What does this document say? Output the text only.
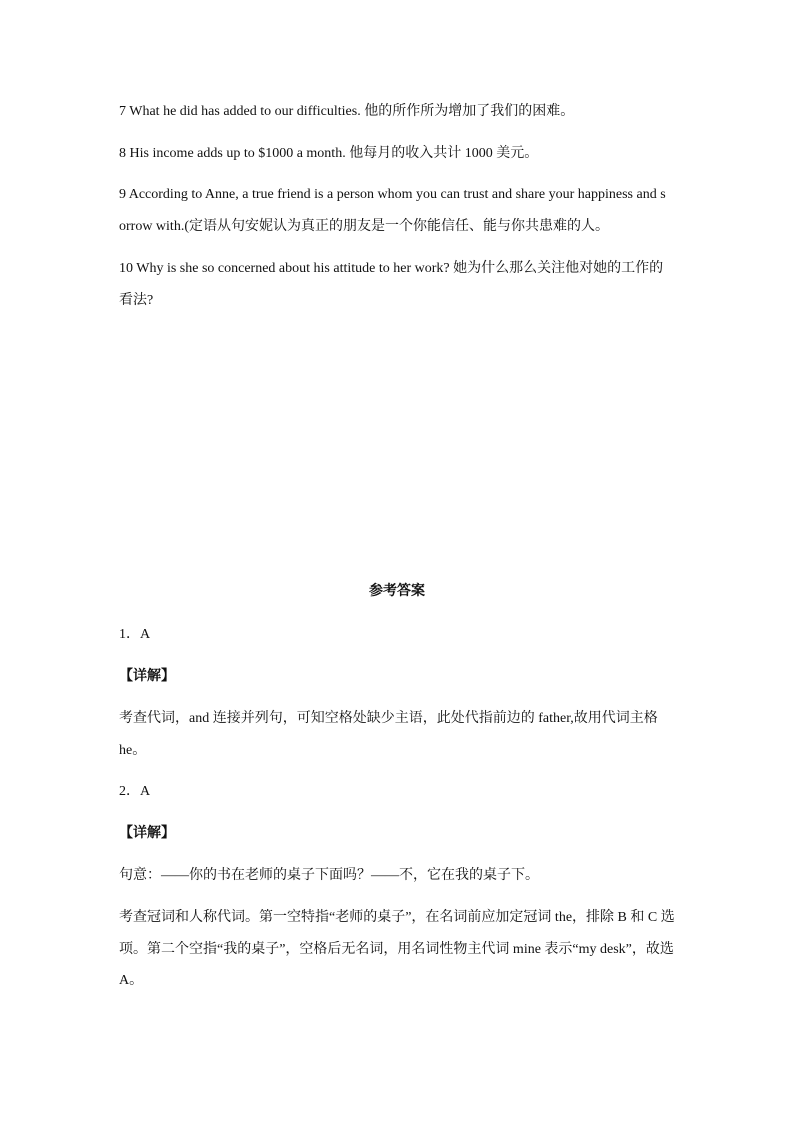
7 What he did has added to our difficulties. 他的所作所为增加了我们的困难。
8 His income adds up to $1000 a month. 他每月的收入共计 1000 美元。
9 According to Anne, a true friend is a person whom you can trust and share your happiness and s
orrow with.(定语从句安妮认为真正的朋友是一个你能信任、能与你共患难的人。
10 Why is she so concerned about his attitude to her work? 她为什么那么关注他对她的工作的
看法?
参考答案
1．A
【详解】
考查代词，and 连接并列句，可知空格处缺少主语，此处代指前边的 father,故用代词主格
he。
2．A
【详解】
句意：——你的书在老师的桌子下面吗？——不，它在我的桌子下。
考查冠词和人称代词。第一空特指“老师的桌子”，在名词前应加定冠词 the，排除 B 和 C 选
项。第二个空指“我的桌子”，空格后无名词，用名词性物主代词 mine 表示“my desk”，故选
A。
